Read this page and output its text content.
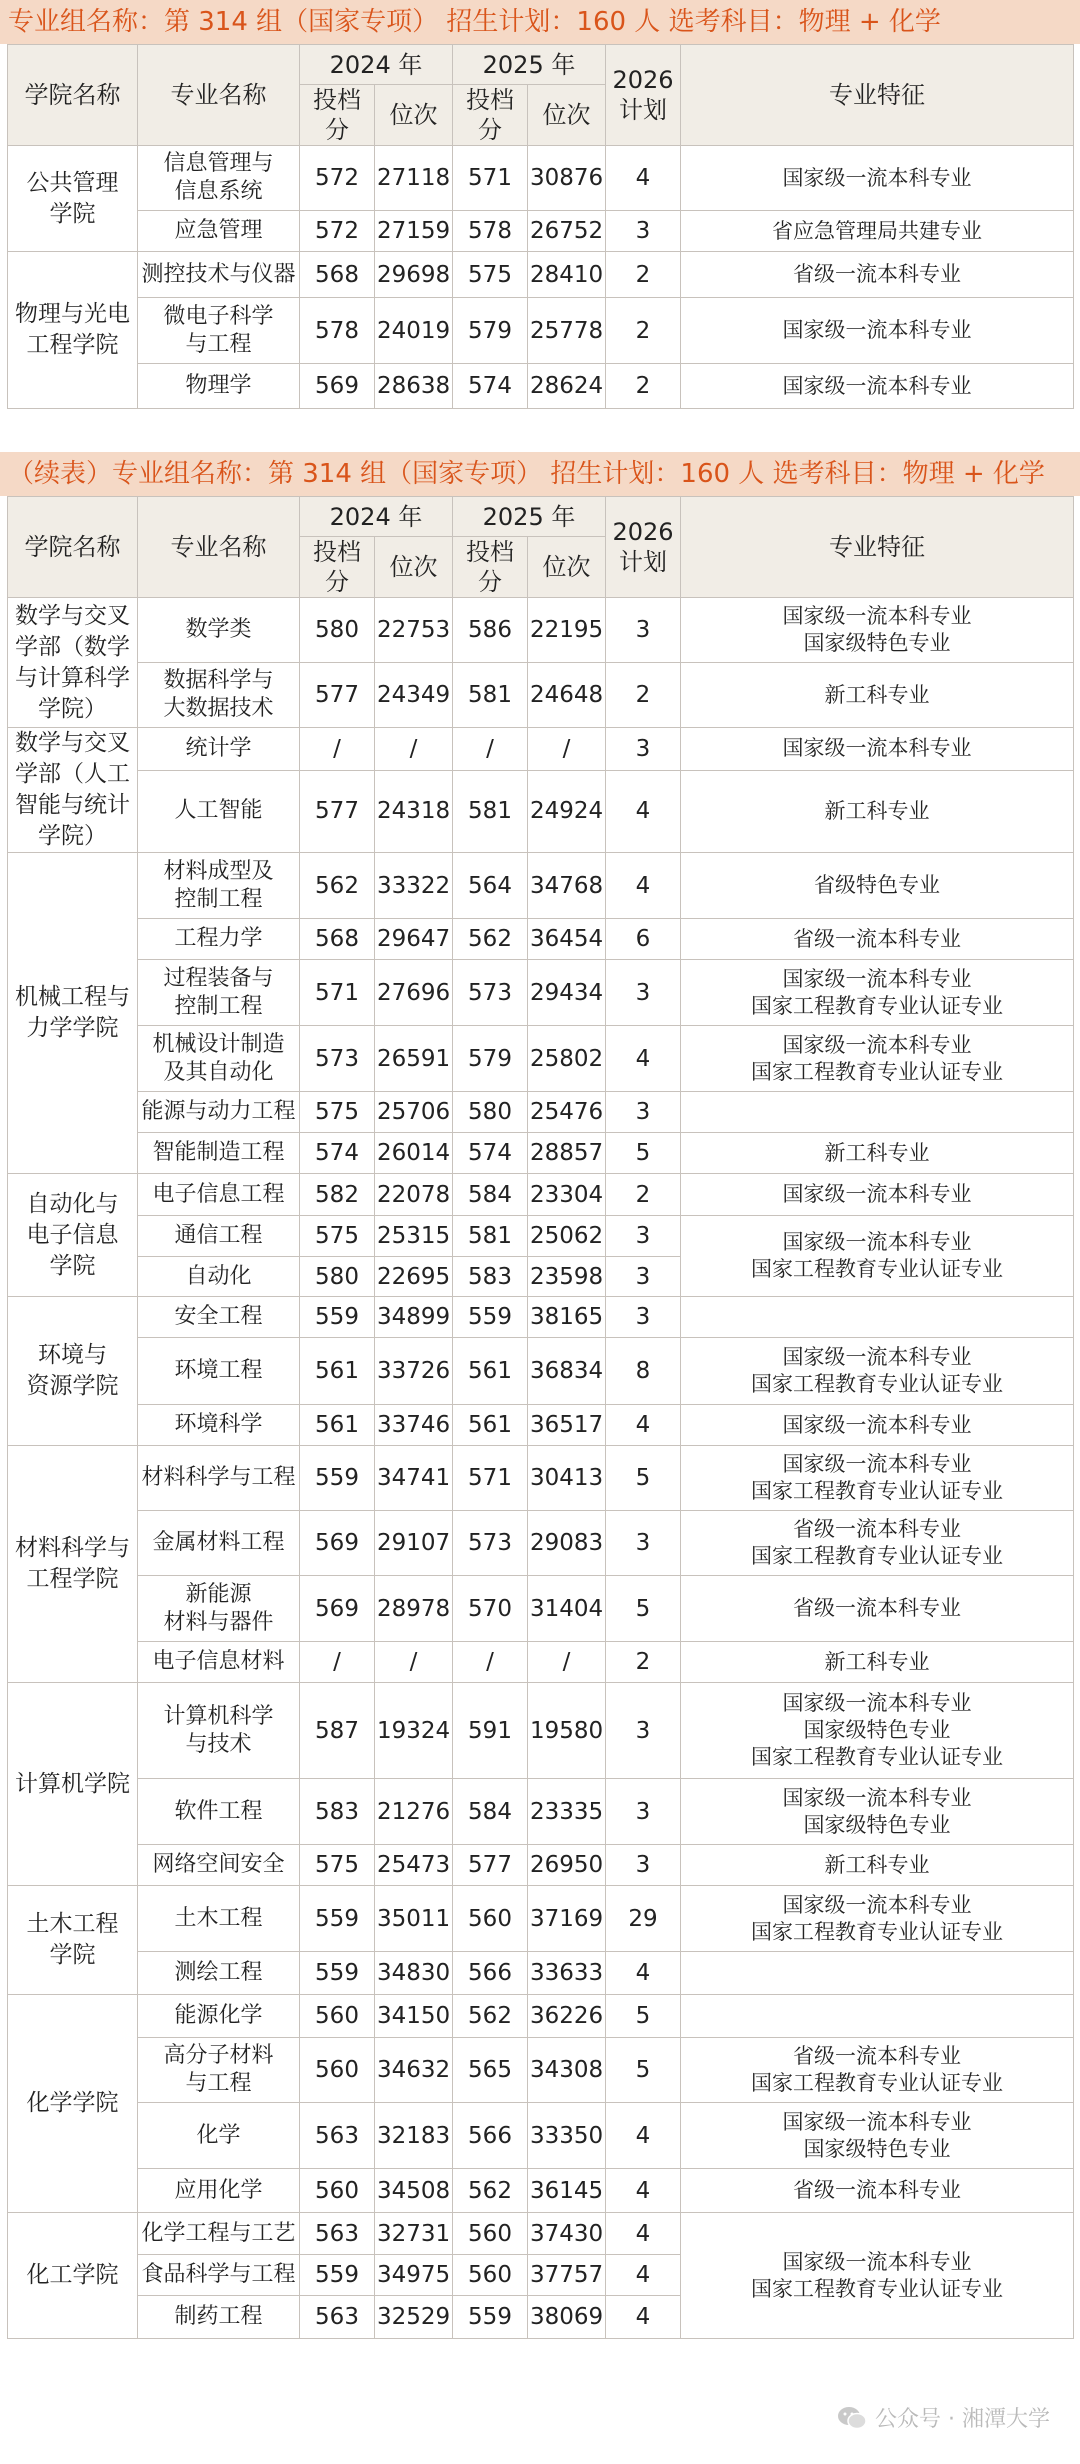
专业组名称：第 314 组（国家专项） 招生计划：160 人 选考科目：物理 + 化学
学院名称	专业名称	2024 年		2025 年		2026
计划	专业特征
		投档分	位次	投档分	位次		
公共管理
学院	信息管理与
信息系统	572	27118	571	30876	4	国家级一流本科专业
	应急管理	572	27159	578	26752	3	省应急管理局共建专业
物理与光电
工程学院	测控技术与仪器	568	29698	575	28410	2	省级一流本科专业
	微电子科学
与工程	578	24019	579	25778	2	国家级一流本科专业
	物理学	569	28638	574	28624	2	国家级一流本科专业
（续表）专业组名称：第 314 组（国家专项） 招生计划：160 人 选考科目：物理 + 化学
学院名称	专业名称	2024 年		2025 年		2026
计划	专业特征
		投档分	位次	投档分	位次		
数学与交叉
学部（数学
与计算科学
学院）	数学类	580	22753	586	22195	3	国家级一流本科专业
国家级特色专业
	数据科学与
大数据技术	577	24349	581	24648	2	新工科专业
数学与交叉
学部（人工
智能与统计
学院）	统计学	/	/	/	/	3	国家级一流本科专业
	人工智能	577	24318	581	24924	4	新工科专业
机械工程与
力学学院	材料成型及
控制工程	562	33322	564	34768	4	省级特色专业
	工程力学	568	29647	562	36454	6	省级一流本科专业
	过程装备与
控制工程	571	27696	573	29434	3	国家级一流本科专业
国家工程教育专业认证专业
	机械设计制造
及其自动化	573	26591	579	25802	4	国家级一流本科专业
国家工程教育专业认证专业
	能源与动力工程	575	25706	580	25476	3	
	智能制造工程	574	26014	574	28857	5	新工科专业
自动化与
电子信息
学院	电子信息工程	582	22078	584	23304	2	国家级一流本科专业
	通信工程	575	25315	581	25062	3	国家级一流本科专业
国家工程教育专业认证专业
	自动化	580	22695	583	23598	3	
环境与
资源学院	安全工程	559	34899	559	38165	3	
	环境工程	561	33726	561	36834	8	国家级一流本科专业
国家工程教育专业认证专业
	环境科学	561	33746	561	36517	4	国家级一流本科专业
材料科学与
工程学院	材料科学与工程	559	34741	571	30413	5	国家级一流本科专业
国家工程教育专业认证专业
	金属材料工程	569	29107	573	29083	3	省级一流本科专业
国家工程教育专业认证专业
	新能源
材料与器件	569	28978	570	31404	5	省级一流本科专业
	电子信息材料	/	/	/	/	2	新工科专业
计算机学院	计算机科学
与技术	587	19324	591	19580	3	国家级一流本科专业
国家级特色专业
国家工程教育专业认证专业
	软件工程	583	21276	584	23335	3	国家级一流本科专业
国家级特色专业
	网络空间安全	575	25473	577	26950	3	新工科专业
土木工程
学院	土木工程	559	35011	560	37169	29	国家级一流本科专业
国家工程教育专业认证专业
	测绘工程	559	34830	566	33633	4	
化学学院	能源化学	560	34150	562	36226	5	
	高分子材料
与工程	560	34632	565	34308	5	省级一流本科专业
国家工程教育专业认证专业
	化学	563	32183	566	33350	4	国家级一流本科专业
国家级特色专业
	应用化学	560	34508	562	36145	4	省级一流本科专业
化工学院	化学工程与工艺	563	32731	560	37430	4	国家级一流本科专业
国家工程教育专业认证专业
	食品科学与工程	559	34975	560	37757	4	
	制药工程	563	32529	559	38069	4	
公众号 · 湘潭大学
